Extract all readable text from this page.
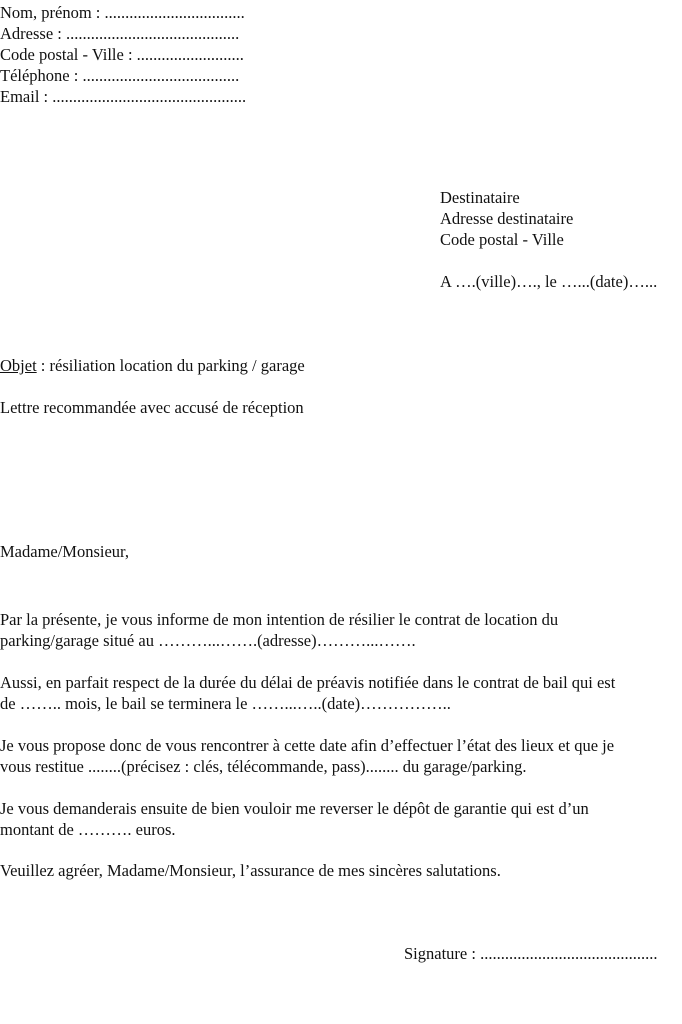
Nom, prénom : ..................................
Adresse : ..........................................
Code postal - Ville : ..........................
Téléphone : ......................................
Email : ...............................................
Destinataire
Adresse destinataire
Code postal - Ville
A ….(ville)…., le …...(date)…...
Objet : résiliation location du parking / garage
Lettre recommandée avec accusé de réception
Madame/Monsieur,
Par la présente, je vous informe de mon intention de résilier le contrat de location du
parking/garage situé au ………...…….(adresse)………...…….
Aussi, en parfait respect de la durée du délai de préavis notifiée dans le contrat de bail qui est
de …….. mois, le bail se terminera le ……...…..(date)……………..
Je vous propose donc de vous rencontrer à cette date afin d’effectuer l’état des lieux et que je
vous restitue ........(précisez : clés, télécommande, pass)........ du garage/parking.
Je vous demanderais ensuite de bien vouloir me reverser le dépôt de garantie qui est d’un
montant de ………. euros.
Veuillez agréer, Madame/Monsieur, l’assurance de mes sincères salutations.
Signature : ...........................................
